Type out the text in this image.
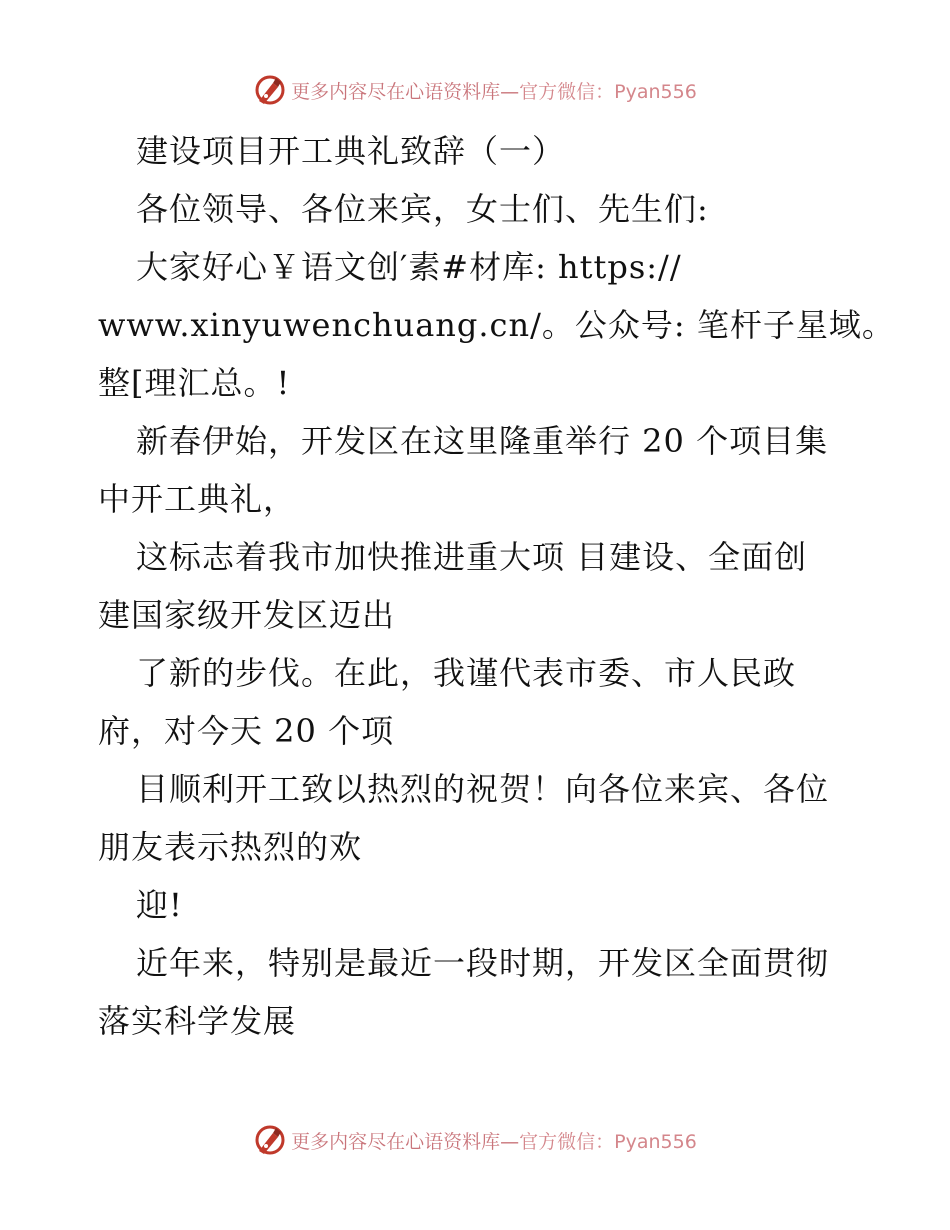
更多内容尽在心语资料库—官方微信：Pyan556
建设项目开工典礼致辞（一）
各位领导、各位来宾，女士们、先生们:
大家好心￥语文创′素#材库: https://
www.xinyuwenchuang.cn/。公众号: 笔杆子星域。
整[理汇总。!
新春伊始，开发区在这里隆重举行 20 个项目集
中开工典礼，
这标志着我市加快推进重大项 目建设、全面创
建国家级开发区迈出
了新的步伐。在此，我谨代表市委、市人民政
府，对今天 20 个项
目顺利开工致以热烈的祝贺！向各位来宾、各位
朋友表示热烈的欢
迎!
近年来，特别是最近一段时期，开发区全面贯彻
落实科学发展
更多内容尽在心语资料库—官方微信：Pyan556
